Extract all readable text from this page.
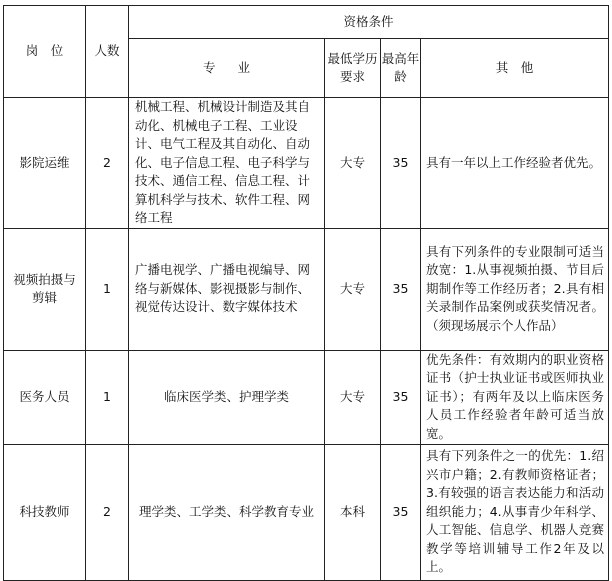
岗　位	人数	资格条件			
		专 业	最低学历要求	最高年龄	其　他
影院运维	2	机械工程、机械设计制造及其自动化、机械电子工程、工业设计、电气工程及其自动化、自动化、电子信息工程、电子科学与技术、通信工程、信息工程、计算机科学与技术、软件工程、网络工程	大专	35	具有一年以上工作经验者优先。
视频拍摄与剪辑	1	广播电视学、广播电视编导、网络与新媒体、影视摄影与制作、视觉传达设计、数字媒体技术	大专	35	具有下列条件的专业限制可适当放宽：1.从事视频拍摄、节目后期制作等工作经历者；2.具有相关录制作品案例或获奖情况者。（须现场展示个人作品）
医务人员	1	临床医学类、护理学类	大专	35	优先条件：有效期内的职业资格证书（护士执业证书或医师执业证书）；有两年及以上临床医务人员工作经验者年龄可适当放宽。
科技教师	2	理学类、工学类、科学教育专业	本科	35	具有下列条件之一的优先：1.绍兴市户籍；2.有教师资格证者；3.有较强的语言表达能力和活动组织能力；4.从事青少年科学、人工智能、信息学、机器人竞赛教学等培训辅导工作2年及以上。
